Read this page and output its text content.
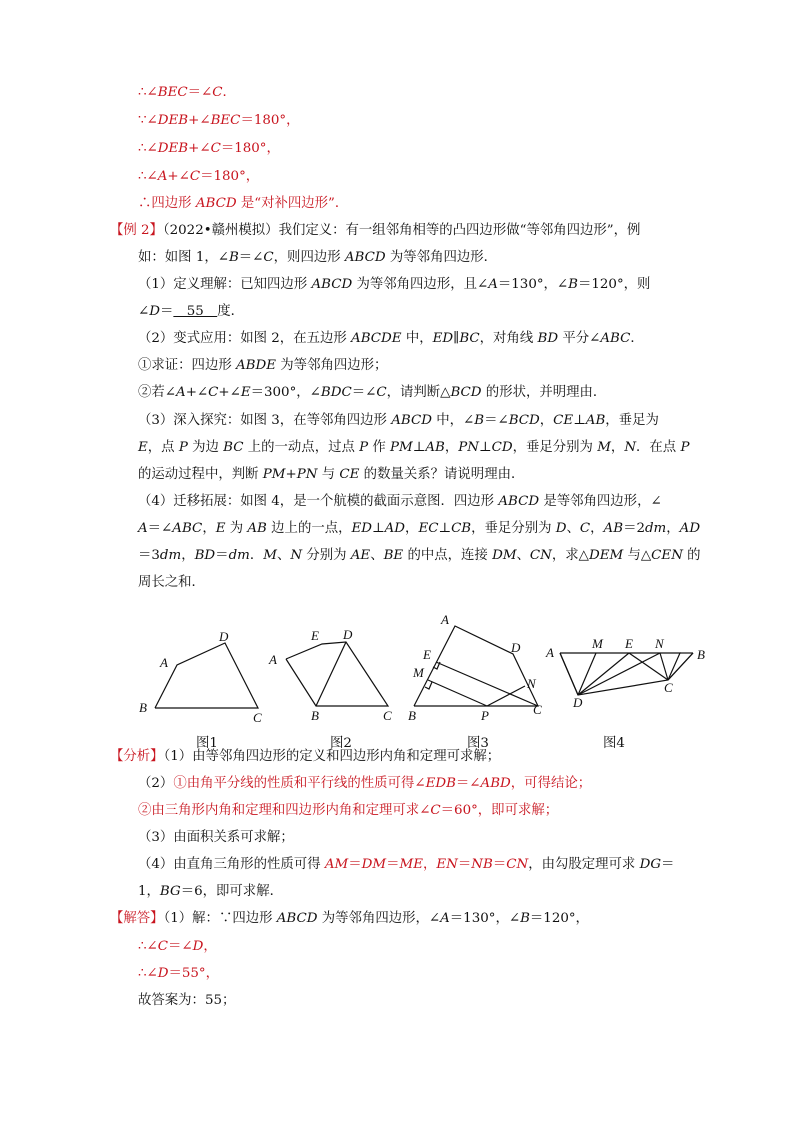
∴∠BEC＝∠C．
∵∠DEB+∠BEC＝180°，
∴∠DEB+∠C＝180°，
∴∠A+∠C＝180°，
∴四边形 ABCD 是“对补四边形”．
【例 2】（2022•赣州模拟）我们定义：有一组邻角相等的凸四边形做“等邻角四边形”，例
如：如图 1，∠B＝∠C，则四边形 ABCD 为等邻角四边形．
（1）定义理解：已知四边形 ABCD 为等邻角四边形，且∠A＝130°，∠B＝120°，则
∠D＝　55　度．
（2）变式应用：如图 2，在五边形 ABCDE 中，ED∥BC，对角线 BD 平分∠ABC．
①求证：四边形 ABDE 为等邻角四边形；
②若∠A+∠C+∠E＝300°，∠BDC＝∠C，请判断△BCD 的形状，并明理由．
（3）深入探究：如图 3，在等邻角四边形 ABCD 中，∠B＝∠BCD，CE⊥AB，垂足为
E，点 P 为边 BC 上的一动点，过点 P 作 PM⊥AB，PN⊥CD，垂足分别为 M，N．在点 P
的运动过程中，判断 PM+PN 与 CE 的数量关系？请说明理由．
（4）迁移拓展：如图 4，是一个航模的截面示意图．四边形 ABCD 是等邻角四边形，∠
A＝∠ABC，E 为 AB 边上的一点，ED⊥AD，EC⊥CB，垂足分别为 D、C，AB＝2dm，AD
＝3dm，BD＝dm．M、N 分别为 AE、BE 的中点，连接 DM、CN，求△DEM 与△CEN 的
周长之和．
【分析】（1）由等邻角四边形的定义和四边形内角和定理可求解；
（2）①由角平分线的性质和平行线的性质可得∠EDB＝∠ABD，可得结论；
②由三角形内角和定理和四边形内角和定理可求∠C＝60°，即可求解；
（3）由面积关系可求解；
（4）由直角三角形的性质可得 AM＝DM＝ME，EN＝NB＝CN，由勾股定理可求 DG＝
1，BG＝6，即可求解．
【解答】（1）解：∵四边形 ABCD 为等邻角四边形，∠A＝130°，∠B＝120°，
∴∠C＝∠D，
∴∠D＝55°，
故答案为：55；
A
B
C
D
A
B	C
D
E
A
B	C
D
E
M
N
P
A	B
C
D
E
M	N
图1	图2	图3	图4
